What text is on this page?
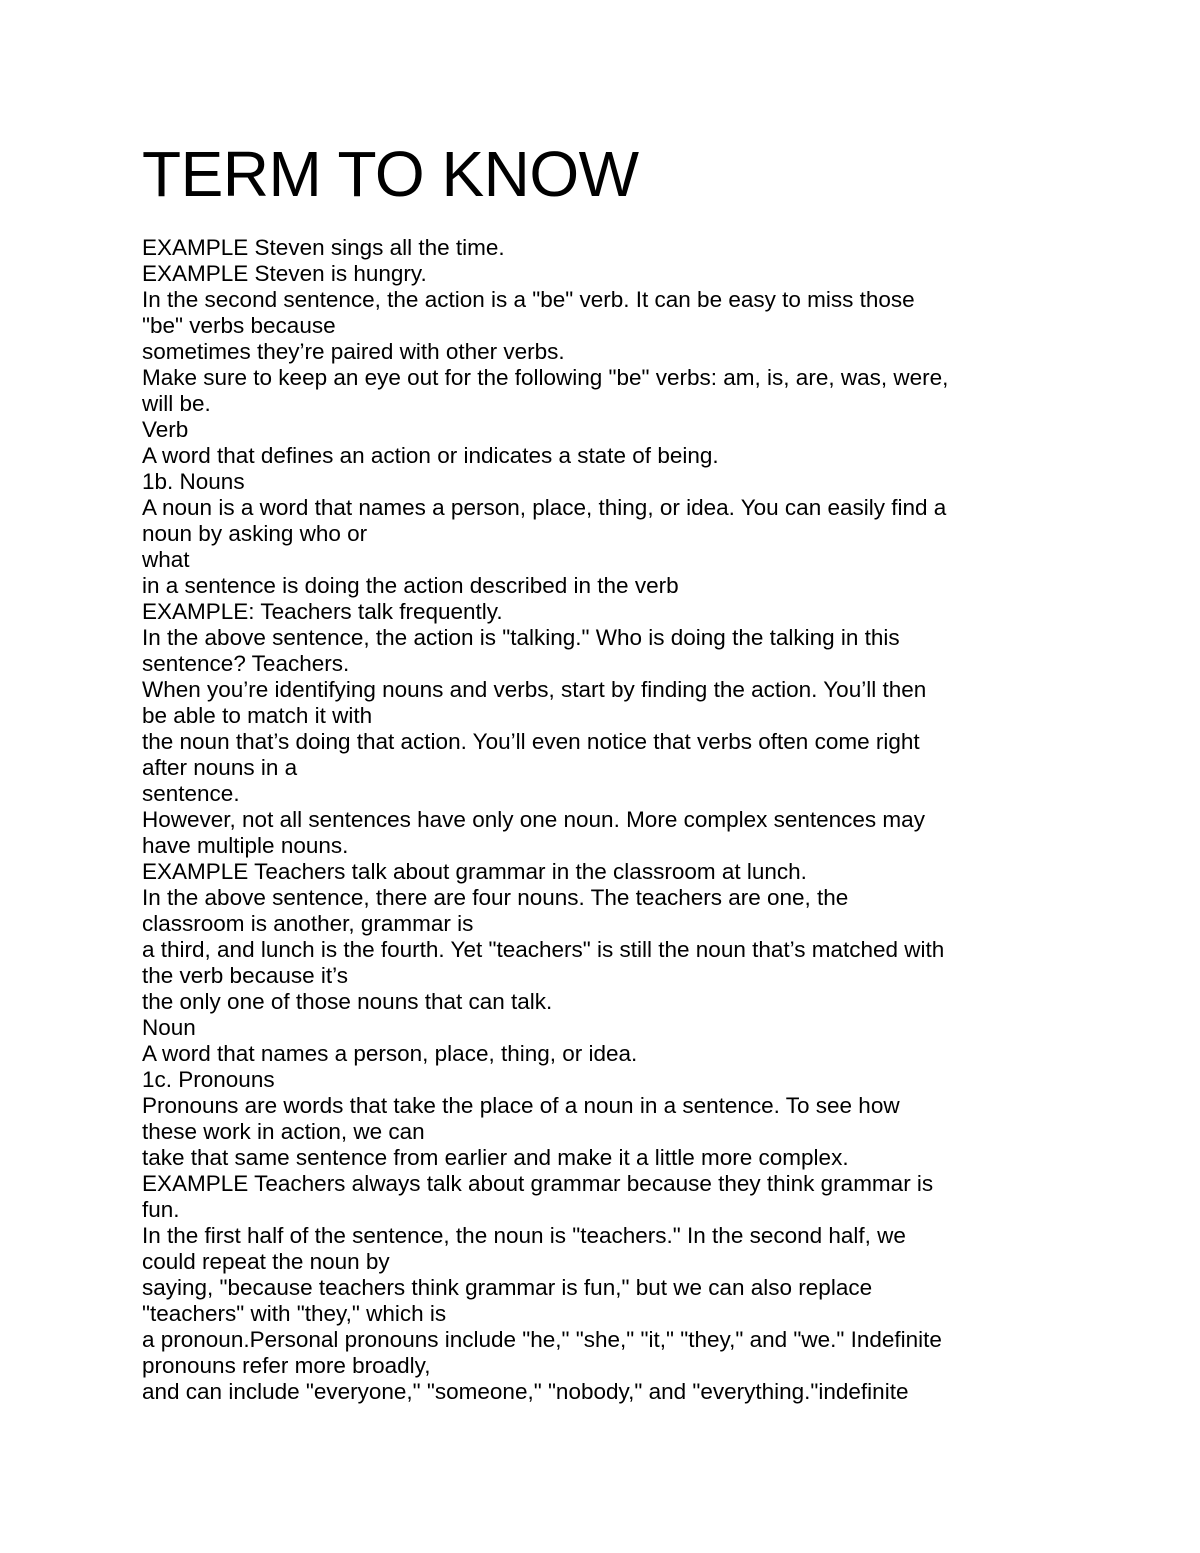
TERM TO KNOW
EXAMPLE Steven sings all the time.
EXAMPLE Steven is hungry.
In the second sentence, the action is a "be" verb. It can be easy to miss those
"be" verbs because
sometimes they’re paired with other verbs.
Make sure to keep an eye out for the following "be" verbs: am, is, are, was, were,
will be.
Verb
A word that defines an action or indicates a state of being.
1b. Nouns
A noun is a word that names a person, place, thing, or idea. You can easily find a
noun by asking who or
what
in a sentence is doing the action described in the verb
EXAMPLE: Teachers talk frequently.
In the above sentence, the action is "talking." Who is doing the talking in this
sentence? Teachers.
When you’re identifying nouns and verbs, start by finding the action. You’ll then
be able to match it with
the noun that’s doing that action. You’ll even notice that verbs often come right
after nouns in a
sentence.
However, not all sentences have only one noun. More complex sentences may
have multiple nouns.
EXAMPLE Teachers talk about grammar in the classroom at lunch.
In the above sentence, there are four nouns. The teachers are one, the
classroom is another, grammar is
a third, and lunch is the fourth. Yet "teachers" is still the noun that’s matched with
the verb because it’s
the only one of those nouns that can talk.
Noun
A word that names a person, place, thing, or idea.
1c. Pronouns
Pronouns are words that take the place of a noun in a sentence. To see how
these work in action, we can
take that same sentence from earlier and make it a little more complex.
EXAMPLE Teachers always talk about grammar because they think grammar is
fun.
In the first half of the sentence, the noun is "teachers." In the second half, we
could repeat the noun by
saying, "because teachers think grammar is fun," but we can also replace
"teachers" with "they," which is
a pronoun.Personal pronouns include "he," "she," "it," "they," and "we." Indefinite
pronouns refer more broadly,
and can include "everyone," "someone," "nobody," and "everything."indefinite
